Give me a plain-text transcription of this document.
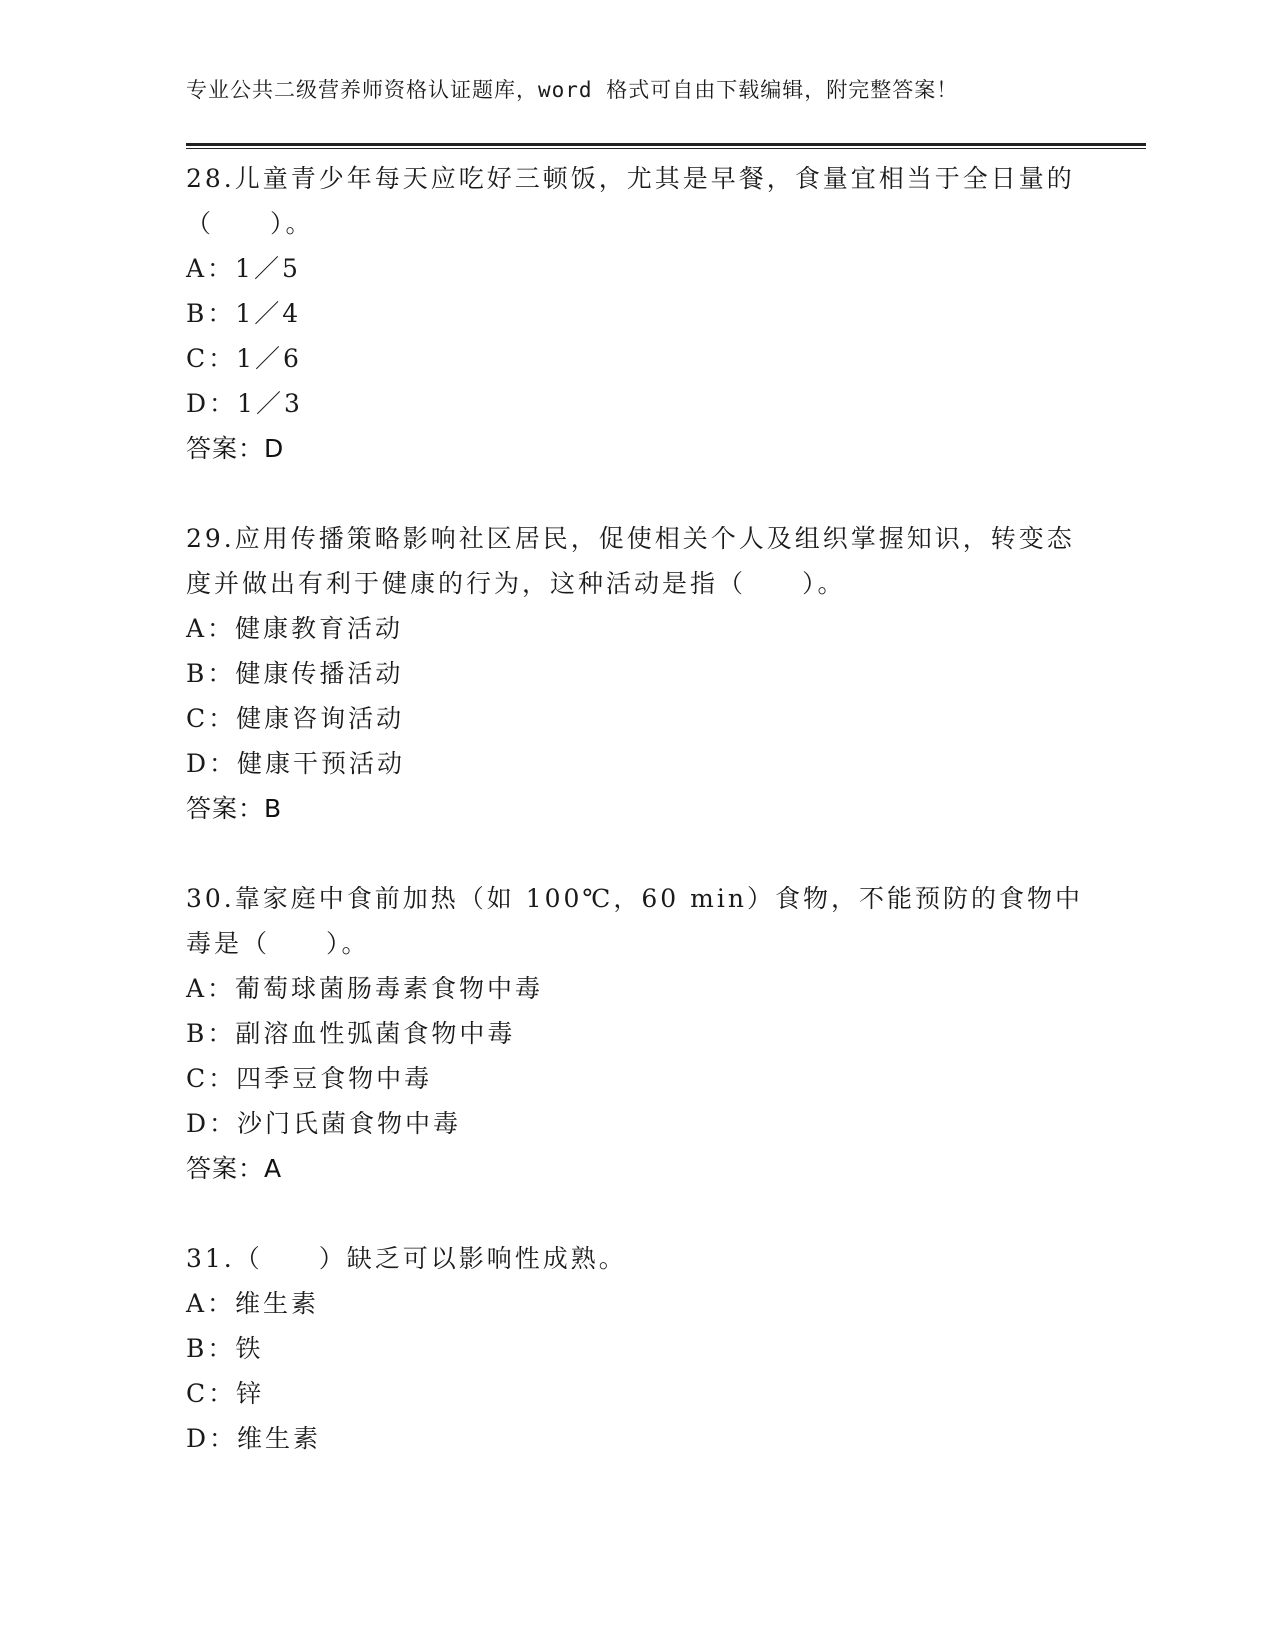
专业公共二级营养师资格认证题库，word 格式可自由下载编辑，附完整答案！
28.儿童青少年每天应吃好三顿饭，尤其是早餐，食量宜相当于全日量的（　　）。
A：1／5
B：1／4
C：1／6
D：1／3
答案：D
29.应用传播策略影响社区居民，促使相关个人及组织掌握知识，转变态度并做出有利于健康的行为，这种活动是指（　　）。
A：健康教育活动
B：健康传播活动
C：健康咨询活动
D：健康干预活动
答案：B
30.靠家庭中食前加热（如 100℃，60 min）食物，不能预防的食物中毒是（　　）。
A：葡萄球菌肠毒素食物中毒
B：副溶血性弧菌食物中毒
C：四季豆食物中毒
D：沙门氏菌食物中毒
答案：A
31.（　　）缺乏可以影响性成熟。
A：维生素
B：铁
C：锌
D：维生素
